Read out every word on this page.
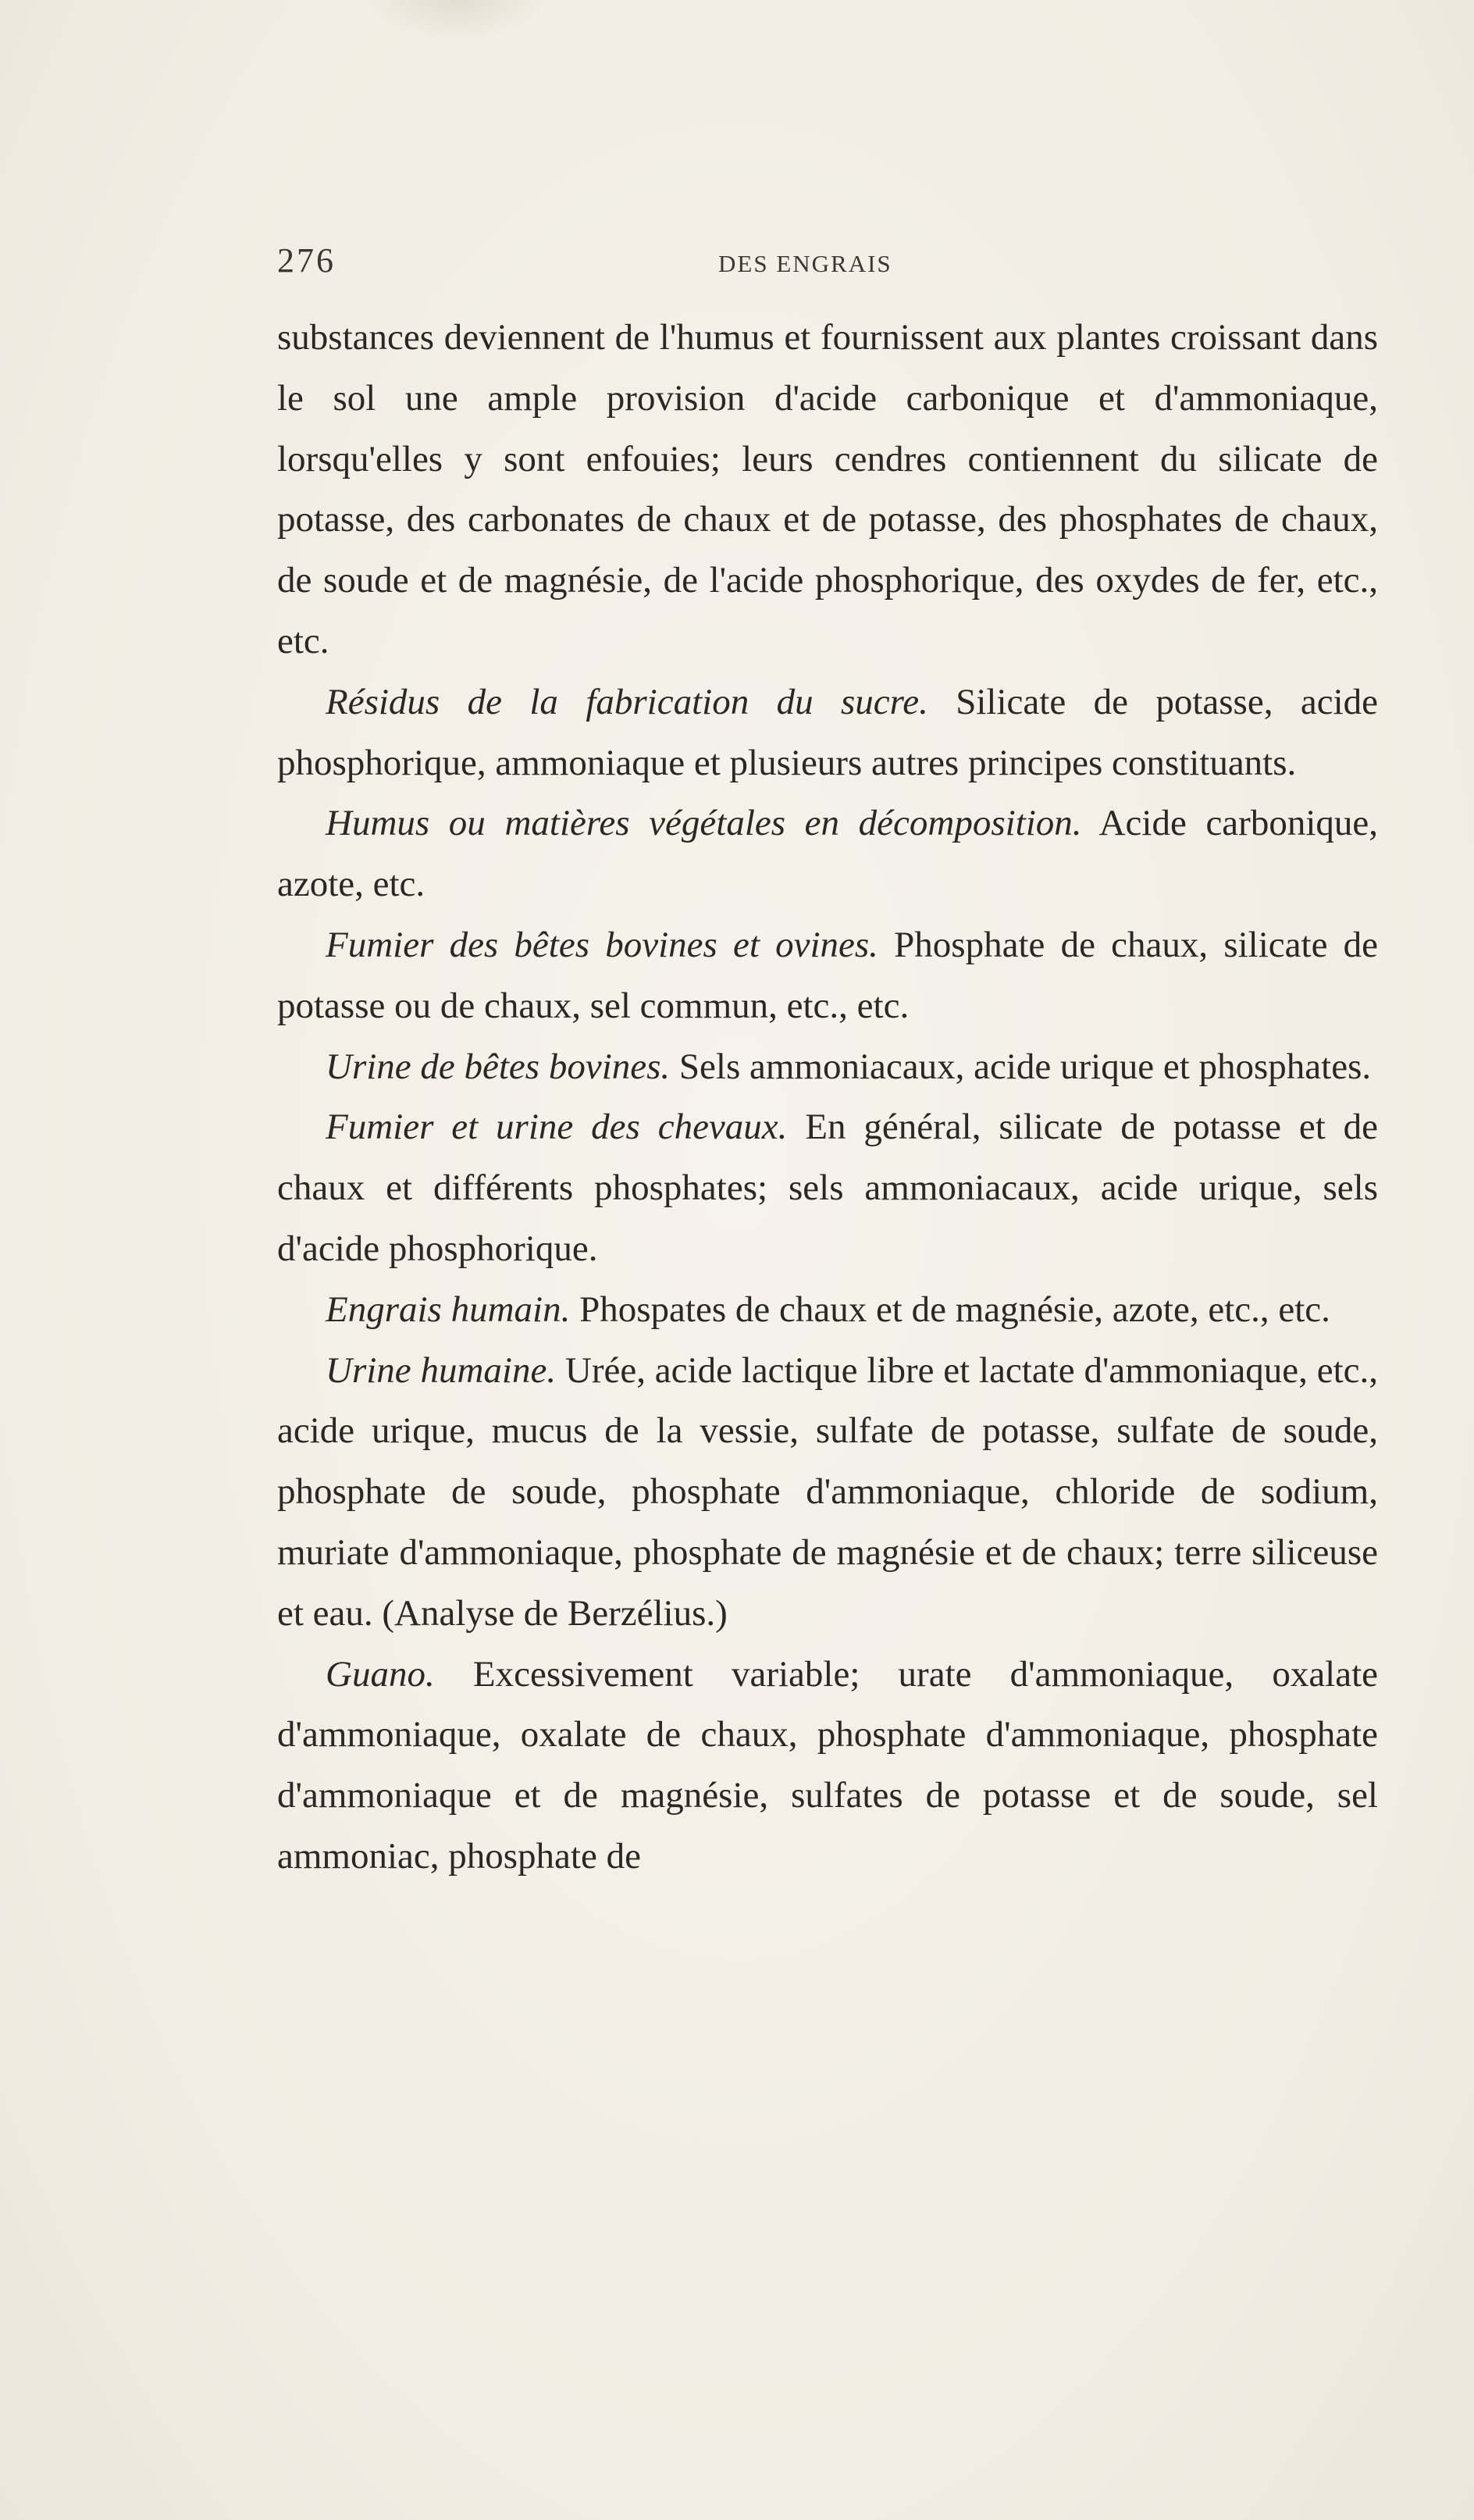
276	DES ENGRAIS

substances deviennent de l'humus et fournissent aux plantes croissant dans le sol une ample provision d'acide carbonique et d'ammoniaque, lorsqu'elles y sont enfouies; leurs cendres contiennent du silicate de potasse, des carbonates de chaux et de potasse, des phosphates de chaux, de soude et de magnésie, de l'acide phosphorique, des oxydes de fer, etc., etc.

Résidus de la fabrication du sucre. Silicate de potasse, acide phosphorique, ammoniaque et plusieurs autres principes constituants.

Humus ou matières végétales en décomposition. Acide carbonique, azote, etc.

Fumier des bêtes bovines et ovines. Phosphate de chaux, silicate de potasse ou de chaux, sel commun, etc., etc.

Urine de bêtes bovines. Sels ammoniacaux, acide urique et phosphates.

Fumier et urine des chevaux. En général, silicate de potasse et de chaux et différents phosphates; sels ammoniacaux, acide urique, sels d'acide phosphorique.

Engrais humain. Phospates de chaux et de magnésie, azote, etc., etc.

Urine humaine. Urée, acide lactique libre et lactate d'ammoniaque, etc., acide urique, mucus de la vessie, sulfate de potasse, sulfate de soude, phosphate de soude, phosphate d'ammoniaque, chloride de sodium, muriate d'ammoniaque, phosphate de magnésie et de chaux; terre siliceuse et eau. (Analyse de Berzélius.)

Guano. Excessivement variable; urate d'ammoniaque, oxalate d'ammoniaque, oxalate de chaux, phosphate d'ammoniaque, phosphate d'ammoniaque et de magnésie, sulfates de potasse et de soude, sel ammoniac, phosphate de
